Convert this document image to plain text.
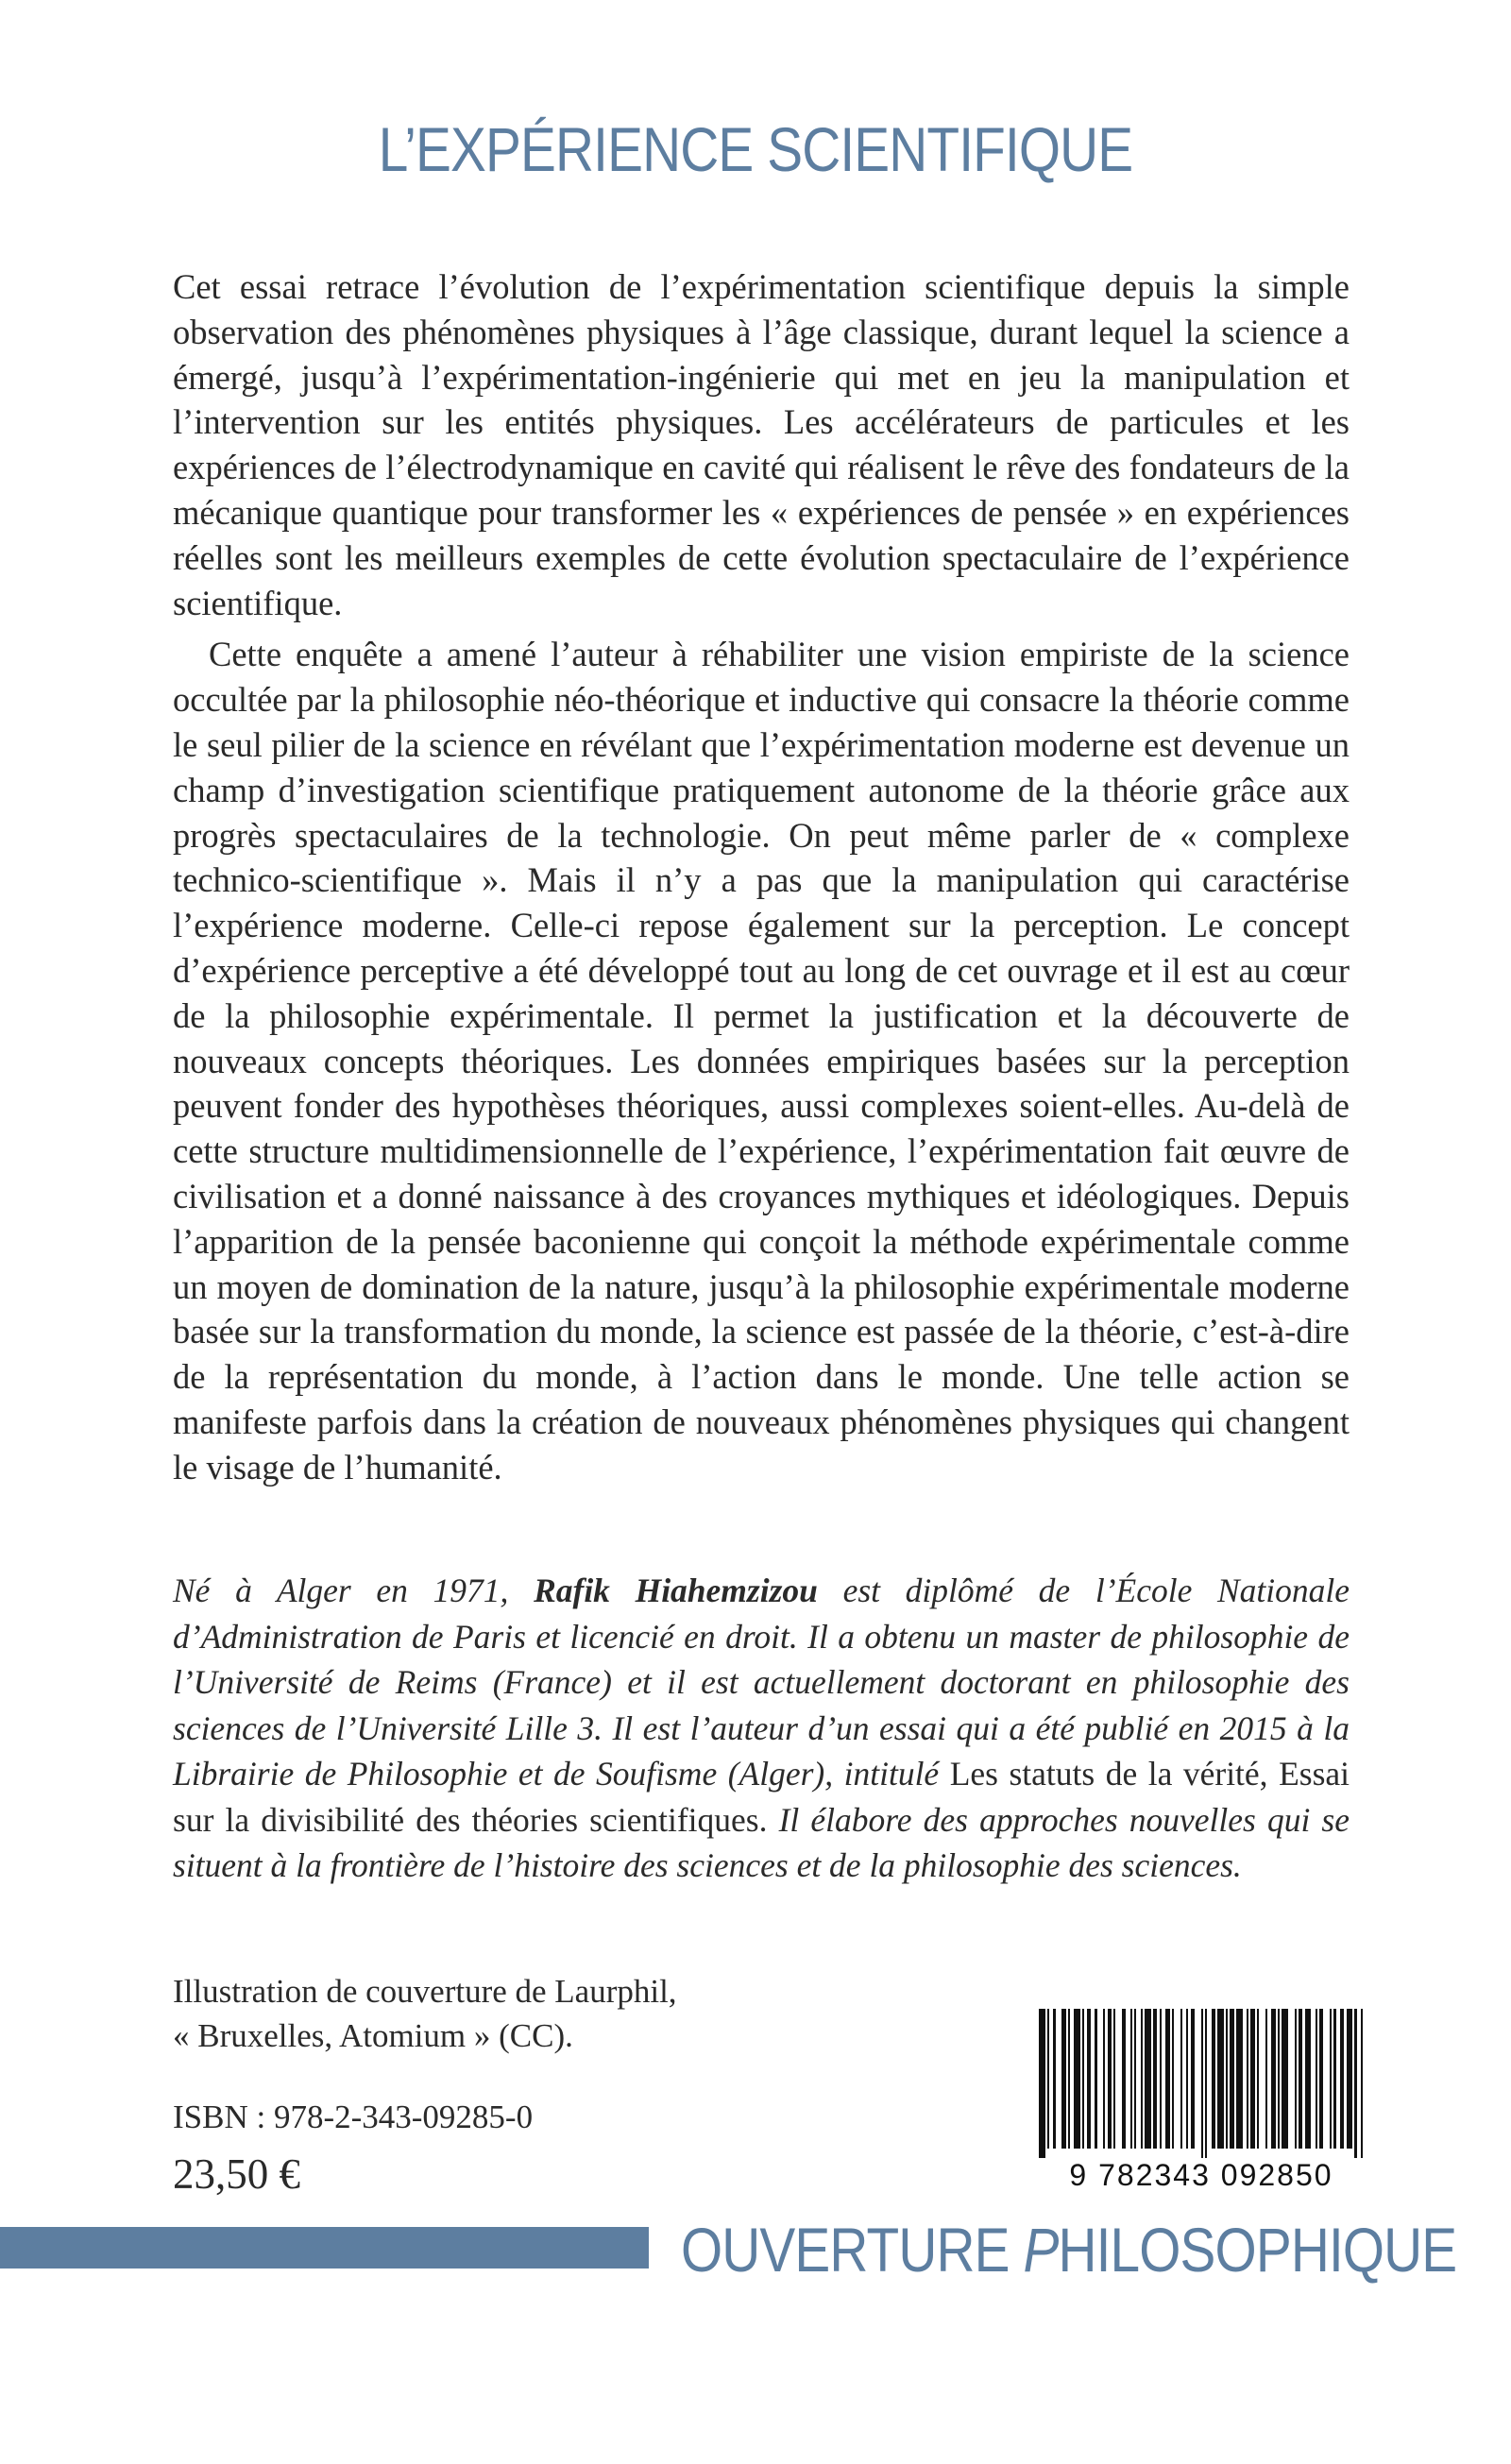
L’EXPÉRIENCE SCIENTIFIQUE

Cet essai retrace l’évolution de l’expérimentation scientifique depuis la simple observation des phénomènes physiques à l’âge classique, durant lequel la science a émergé, jusqu’à l’expérimentation-ingénierie qui met en jeu la manipulation et l’intervention sur les entités physiques. Les accélérateurs de particules et les expériences de l’électrodynamique en cavité qui réalisent le rêve des fondateurs de la mécanique quantique pour transformer les « expériences de pensée » en expériences réelles sont les meilleurs exemples de cette évolution spectaculaire de l’expérience scientifique.

Cette enquête a amené l’auteur à réhabiliter une vision empiriste de la science occultée par la philosophie néo-théorique et inductive qui consacre la théorie comme le seul pilier de la science en révélant que l’expérimentation moderne est devenue un champ d’investigation scientifique pratiquement autonome de la théorie grâce aux progrès spectaculaires de la technologie. On peut même parler de « complexe technico-scientifique ». Mais il n’y a pas que la manipulation qui caractérise l’expérience moderne. Celle-ci repose également sur la perception. Le concept d’expérience perceptive a été développé tout au long de cet ouvrage et il est au cœur de la philosophie expérimentale. Il permet la justification et la découverte de nouveaux concepts théoriques. Les données empiriques basées sur la perception peuvent fonder des hypothèses théoriques, aussi complexes soient-elles. Au-delà de cette structure multidimensionnelle de l’expérience, l’expérimentation fait œuvre de civilisation et a donné naissance à des croyances mythiques et idéologiques. Depuis l’apparition de la pensée baconienne qui conçoit la méthode expérimentale comme un moyen de domination de la nature, jusqu’à la philosophie expérimentale moderne basée sur la transformation du monde, la science est passée de la théorie, c’est-à-dire de la représentation du monde, à l’action dans le monde. Une telle action se manifeste parfois dans la création de nouveaux phénomènes physiques qui changent le visage de l’humanité.

Né à Alger en 1971, Rafik Hiahemzizou est diplômé de l’École Nationale d’Administration de Paris et licencié en droit. Il a obtenu un master de philosophie de l’Université de Reims (France) et il est actuellement doctorant en philosophie des sciences de l’Université Lille 3. Il est l’auteur d’un essai qui a été publié en 2015 à la Librairie de Philosophie et de Soufisme (Alger), intitulé Les statuts de la vérité, Essai sur la divisibilité des théories scientifiques. Il élabore des approches nouvelles qui se situent à la frontière de l’histoire des sciences et de la philosophie des sciences.

Illustration de couverture de Laurphil,
« Bruxelles, Atomium » (CC).

ISBN : 978-2-343-09285-0

23,50 €	9 782343 092850

OUVERTURE PHILOSOPHIQUE
